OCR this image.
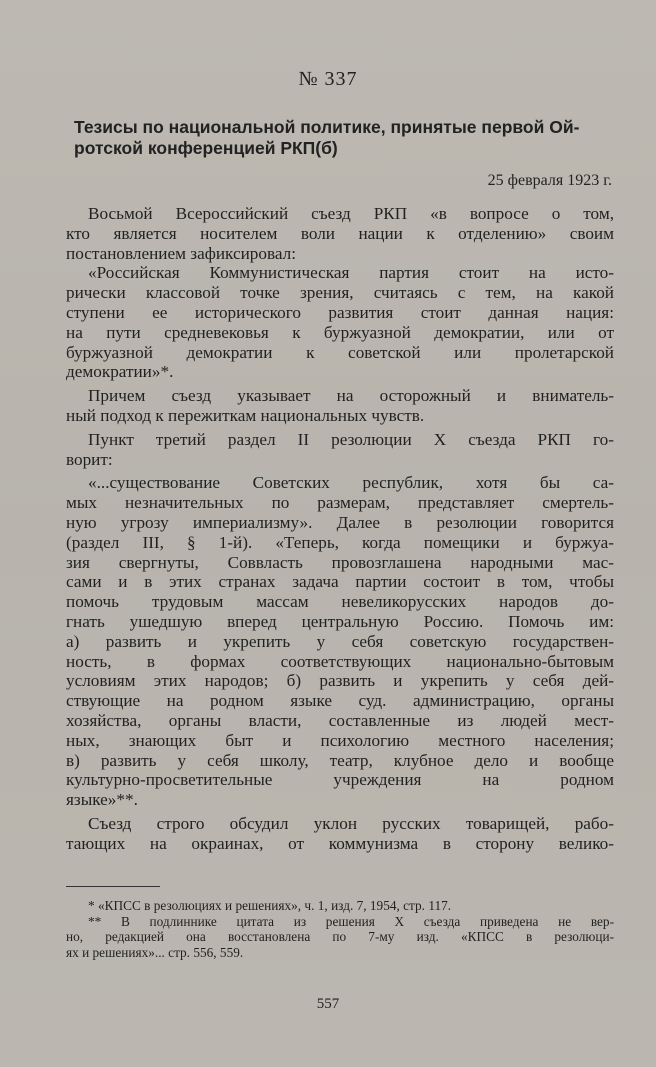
№ 337
Тезисы по национальной политике, принятые первой Ой-
ротской конференцией РКП(б)
25 февраля 1923 г.
Восьмой Всероссийский съезд РКП «в вопросе о том,
кто является носителем воли нации к отделению» своим
постановлением зафиксировал:
«Российская Коммунистическая партия стоит на исто-
рически классовой точке зрения, считаясь с тем, на какой
ступени ее исторического развития стоит данная нация:
на пути средневековья к буржуазной демократии, или от
буржуазной демократии к советской или пролетарской
демократии»*.
Причем съезд указывает на осторожный и вниматель-
ный подход к пережиткам национальных чувств.
Пункт третий раздел II резолюции X съезда РКП го-
ворит:
«...существование Советских республик, хотя бы са-
мых незначительных по размерам, представляет смертель-
ную угрозу империализму». Далее в резолюции говорится
(раздел III, § 1-й). «Теперь, когда помещики и буржуа-
зия свергнуты, Соввласть провозглашена народными мас-
сами и в этих странах задача партии состоит в том, чтобы
помочь трудовым массам невеликорусских народов до-
гнать ушедшую вперед центральную Россию. Помочь им:
а) развить и укрепить у себя советскую государствен-
ность, в формах соответствующих национально-бытовым
условиям этих народов; б) развить и укрепить у себя дей-
ствующие на родном языке суд. администрацию, органы
хозяйства, органы власти, составленные из людей мест-
ных, знающих быт и психологию местного населения;
в) развить у себя школу, театр, клубное дело и вообще
культурно-просветительные учреждения на родном
языке»**.
Съезд строго обсудил уклон русских товарищей, рабо-
тающих на окраинах, от коммунизма в сторону велико-
* «КПСС в резолюциях и решениях», ч. 1, изд. 7, 1954, стр. 117.
** В подлиннике цитата из решения X съезда приведена не вер-
но, редакцией она восстановлена по 7-му изд. «КПСС в резолюци-
ях и решениях»... стр. 556, 559.
557
